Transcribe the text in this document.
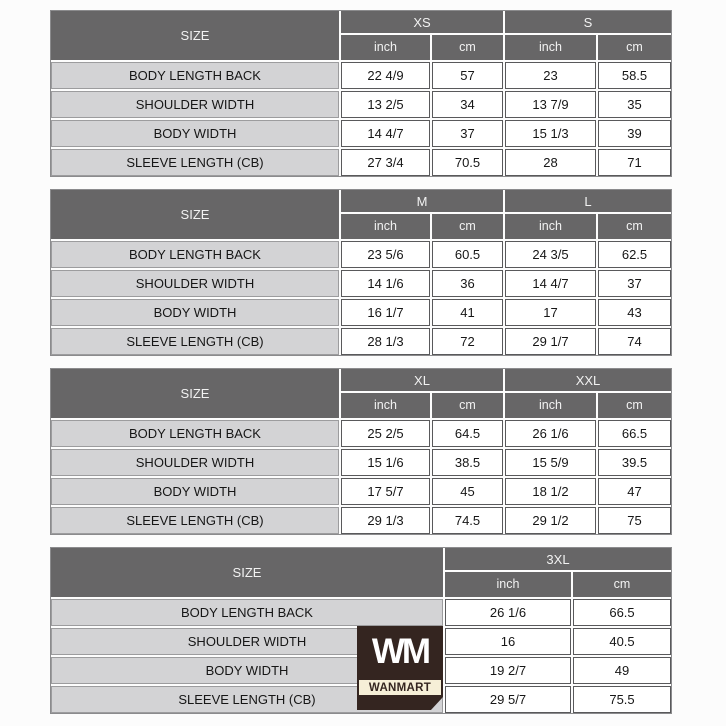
SIZE
XS	S
inch	cm	inch	cm
BODY LENGTH BACK	22 4/9	57	23	58.5
SHOULDER WIDTH	13 2/5	34	13 7/9	35
BODY WIDTH	14 4/7	37	15 1/3	39
SLEEVE LENGTH (CB)	27 3/4	70.5	28	71
SIZE
M	L
inch	cm	inch	cm
BODY LENGTH BACK	23 5/6	60.5	24 3/5	62.5
SHOULDER WIDTH	14 1/6	36	14 4/7	37
BODY WIDTH	16 1/7	41	17	43
SLEEVE LENGTH (CB)	28 1/3	72	29 1/7	74
SIZE
XL	XXL
inch	cm	inch	cm
BODY LENGTH BACK	25 2/5	64.5	26 1/6	66.5
SHOULDER WIDTH	15 1/6	38.5	15 5/9	39.5
BODY WIDTH	17 5/7	45	18 1/2	47
SLEEVE LENGTH (CB)	29 1/3	74.5	29 1/2	75
SIZE
3XL
inch	cm
BODY LENGTH BACK	26 1/6	66.5
SHOULDER WIDTH	16	40.5
BODY WIDTH	19 2/7	49
SLEEVE LENGTH (CB)	29 5/7	75.5
WM
WANMART
